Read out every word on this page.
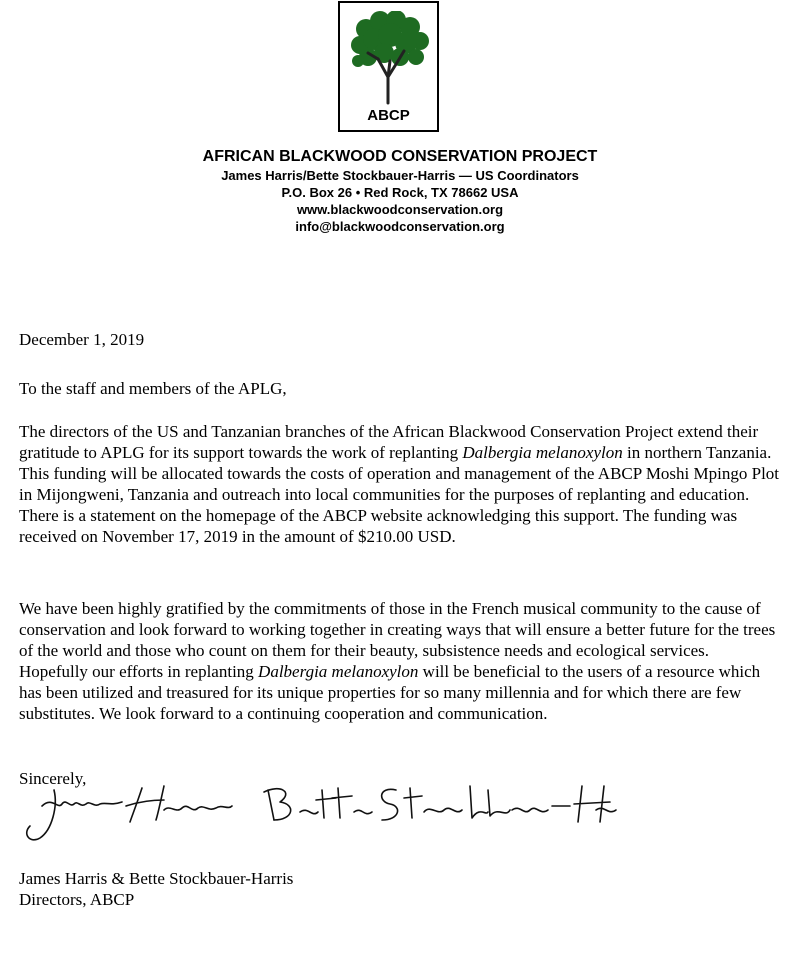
ABCP
AFRICAN BLACKWOOD CONSERVATION PROJECT
James Harris/Bette Stockbauer-Harris — US Coordinators
P.O. Box 26 • Red Rock, TX 78662 USA
www.blackwoodconservation.org
info@blackwoodconservation.org

December 1, 2019

To the staff and members of the APLG,

The directors of the US and Tanzanian branches of the African Blackwood Conservation Project extend their gratitude to APLG for its support towards the work of replanting Dalbergia melanoxylon in northern Tanzania. This funding will be allocated towards the costs of operation and management of the ABCP Moshi Mpingo Plot in Mijongweni, Tanzania and outreach into local communities for the purposes of replanting and education. There is a statement on the homepage of the ABCP website acknowledging this support. The funding was received on November 17, 2019 in the amount of $210.00 USD.

We have been highly gratified by the commitments of those in the French musical community to the cause of conservation and look forward to working together in creating ways that will ensure a better future for the trees of the world and those who count on them for their beauty, subsistence needs and ecological services. Hopefully our efforts in replanting Dalbergia melanoxylon will be beneficial to the users of a resource which has been utilized and treasured for its unique properties for so many millennia and for which there are few substitutes. We look forward to a continuing cooperation and communication.

Sincerely,

James Harris & Bette Stockbauer-Harris
Directors, ABCP
